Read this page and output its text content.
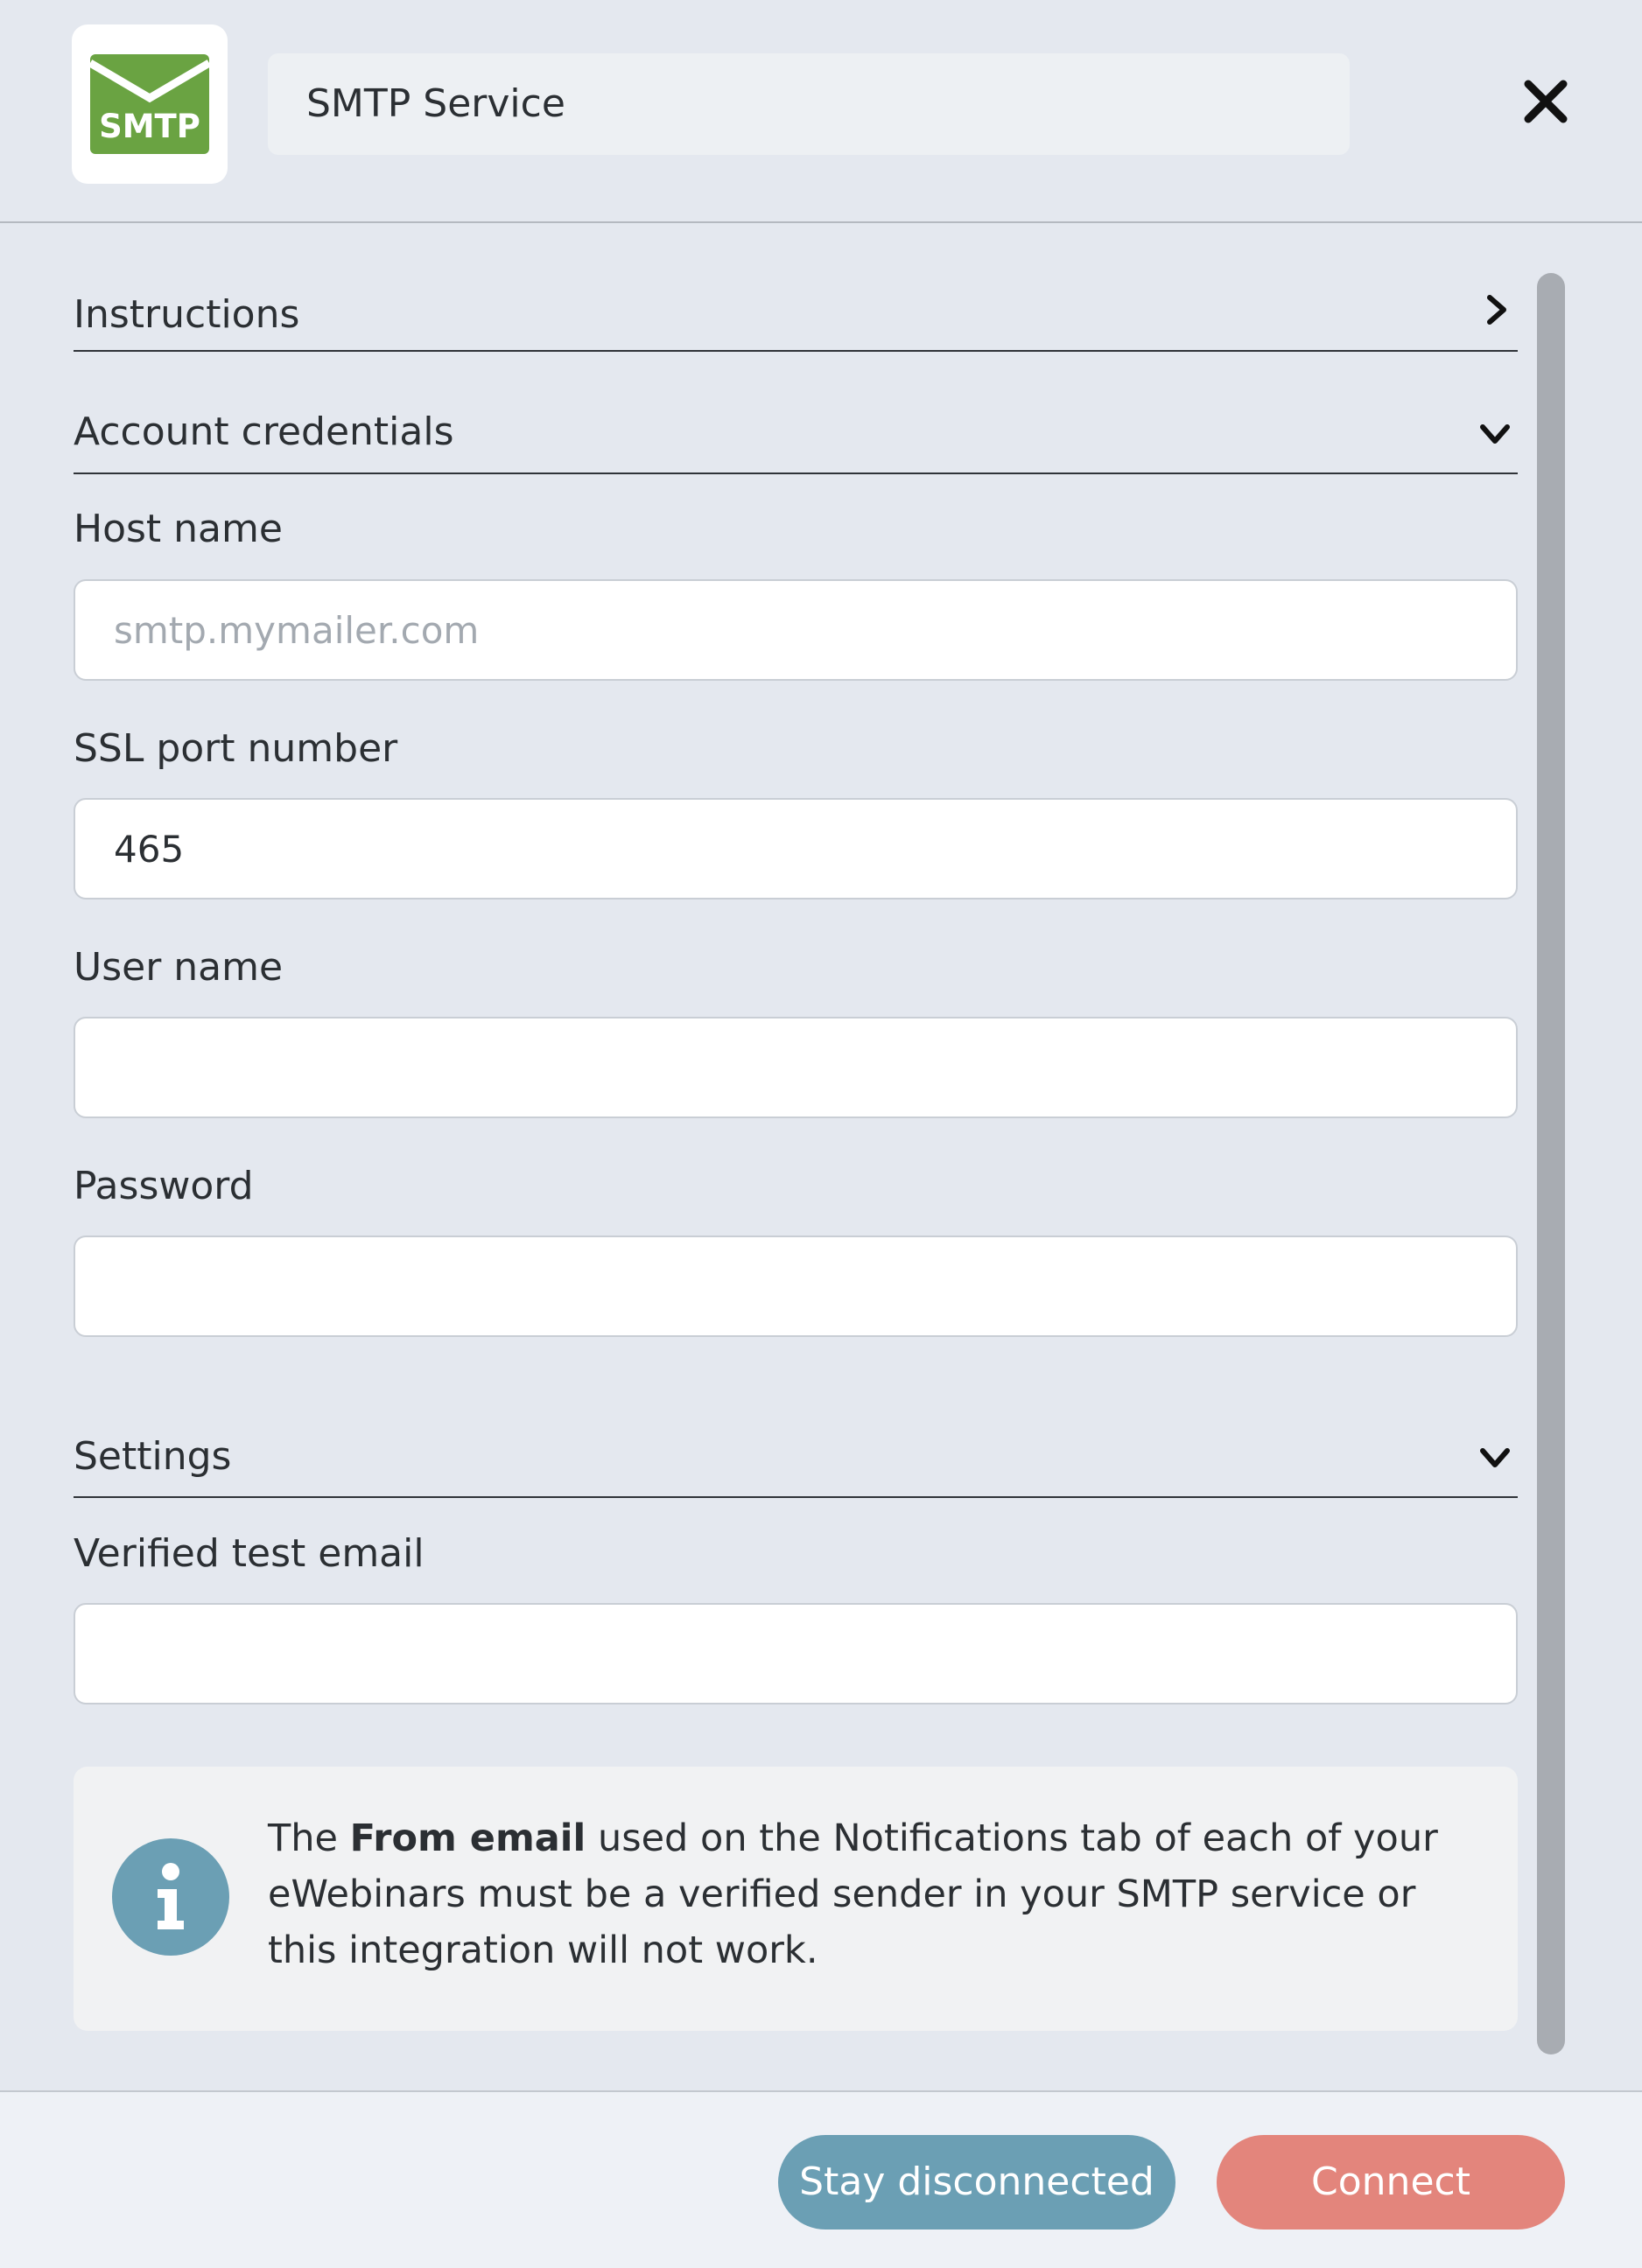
SMTP
SMTP Service
Instructions
Account credentials
Host name
smtp.mymailer.com
SSL port number
465
User name
Password
Settings
Verified test email
The From email used on the Notifications tab of each of your eWebinars must be a verified sender in your SMTP service or this integration will not work.
Stay disconnected	Connect
